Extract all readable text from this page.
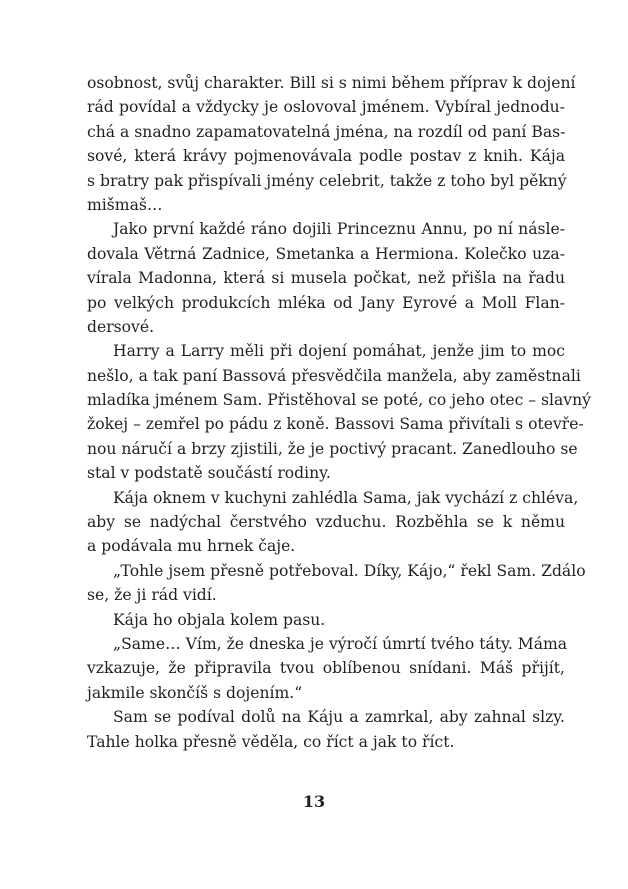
osobnost, svůj charakter. Bill si s nimi během příprav k dojení
rád povídal a vždycky je oslovoval jménem. Vybíral jednodu-
chá a snadno zapamatovatelná jména, na rozdíl od paní Bas-
sové, která krávy pojmenovávala podle postav z knih. Kája
s bratry pak přispívali jmény celebrit, takže z toho byl pěkný
mišmaš…
Jako první každé ráno dojili Princeznu Annu, po ní násle-
dovala Větrná Zadnice, Smetanka a Hermiona. Kolečko uza-
vírala Madonna, která si musela počkat, než přišla na řadu
po velkých produkcích mléka od Jany Eyrové a Moll Flan-
dersové.
Harry a Larry měli při dojení pomáhat, jenže jim to moc
nešlo, a tak paní Bassová přesvědčila manžela, aby zaměstnali
mladíka jménem Sam. Přistěhoval se poté, co jeho otec – slavný
žokej – zemřel po pádu z koně. Bassovi Sama přivítali s otevře-
nou náručí a brzy zjistili, že je poctivý pracant. Zanedlouho se
stal v podstatě součástí rodiny.
Kája oknem v kuchyni zahlédla Sama, jak vychází z chléva,
aby se nadýchal čerstvého vzduchu. Rozběhla se k němu
a podávala mu hrnek čaje.
„Tohle jsem přesně potřeboval. Díky, Kájo,“ řekl Sam. Zdálo
se, že ji rád vidí.
Kája ho objala kolem pasu.
„Same… Vím, že dneska je výročí úmrtí tvého táty. Máma
vzkazuje, že připravila tvou oblíbenou snídani. Máš přijít,
jakmile skončíš s dojením.“
Sam se podíval dolů na Káju a zamrkal, aby zahnal slzy.
Tahle holka přesně věděla, co říct a jak to říct.
13
